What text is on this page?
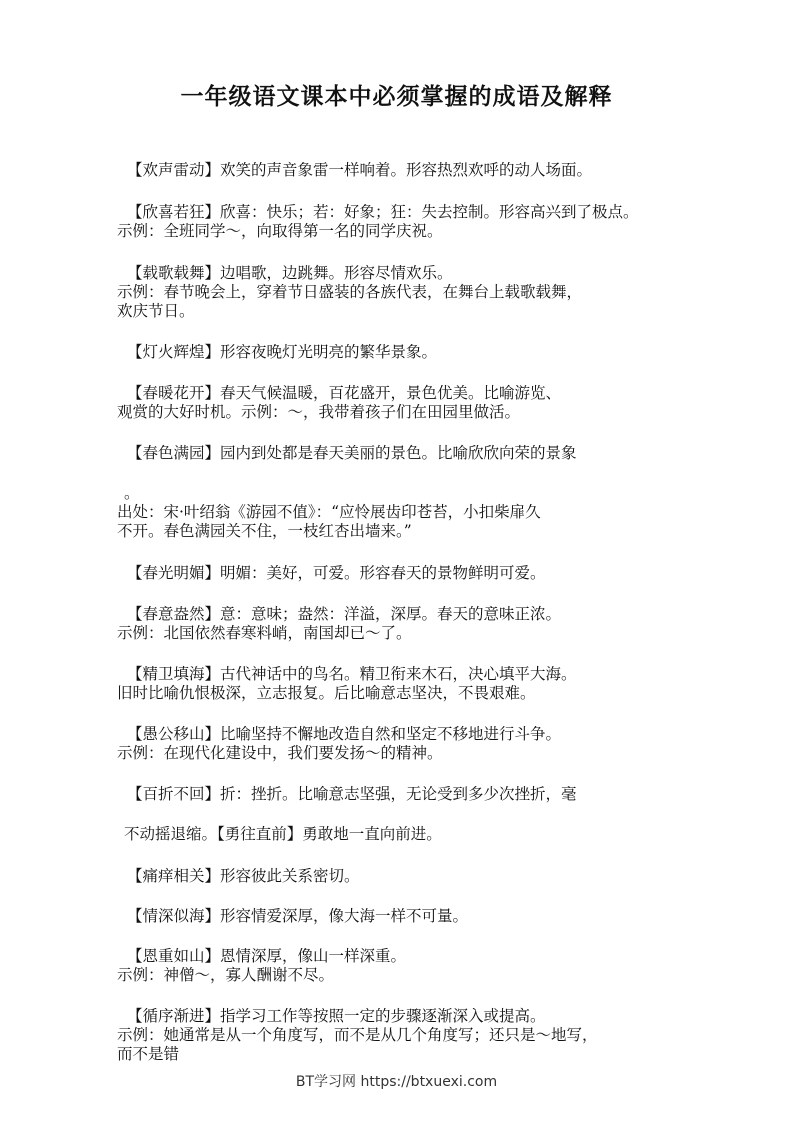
一年级语文课本中必须掌握的成语及解释
【欢声雷动】欢笑的声音象雷一样响着。形容热烈欢呼的动人场面。
【欣喜若狂】欣喜：快乐；若：好象；狂：失去控制。形容高兴到了极点。
示例：全班同学～，向取得第一名的同学庆祝。
【载歌载舞】边唱歌，边跳舞。形容尽情欢乐。
示例：春节晚会上，穿着节日盛装的各族代表，在舞台上载歌载舞，
欢庆节日。
【灯火辉煌】形容夜晚灯光明亮的繁华景象。
【春暖花开】春天气候温暖，百花盛开，景色优美。比喻游览、
观赏的大好时机。示例：～，我带着孩子们在田园里做活。
【春色满园】园内到处都是春天美丽的景色。比喻欣欣向荣的景象
。
出处：宋·叶绍翁《游园不值》：“应怜展齿印苍苔，小扣柴扉久
不开。春色满园关不住，一枝红杏出墙来。”
【春光明媚】明媚：美好，可爱。形容春天的景物鲜明可爱。
【春意盎然】意：意味；盎然：洋溢，深厚。春天的意味正浓。
示例：北国依然春寒料峭，南国却已～了。
【精卫填海】古代神话中的鸟名。精卫衔来木石，决心填平大海。
旧时比喻仇恨极深，立志报复。后比喻意志坚决，不畏艰难。
【愚公移山】比喻坚持不懈地改造自然和坚定不移地进行斗争。
示例：在现代化建设中，我们要发扬～的精神。
【百折不回】折：挫折。比喻意志坚强，无论受到多少次挫折，毫
不动摇退缩。【勇往直前】勇敢地一直向前进。
【痛痒相关】形容彼此关系密切。
【情深似海】形容情爱深厚，像大海一样不可量。
【恩重如山】恩情深厚，像山一样深重。
示例：神僧～，寡人酬谢不尽。
【循序渐进】指学习工作等按照一定的步骤逐渐深入或提高。
示例：她通常是从一个角度写，而不是从几个角度写；还只是～地写，
而不是错
BT学习网 https://btxuexi.com
